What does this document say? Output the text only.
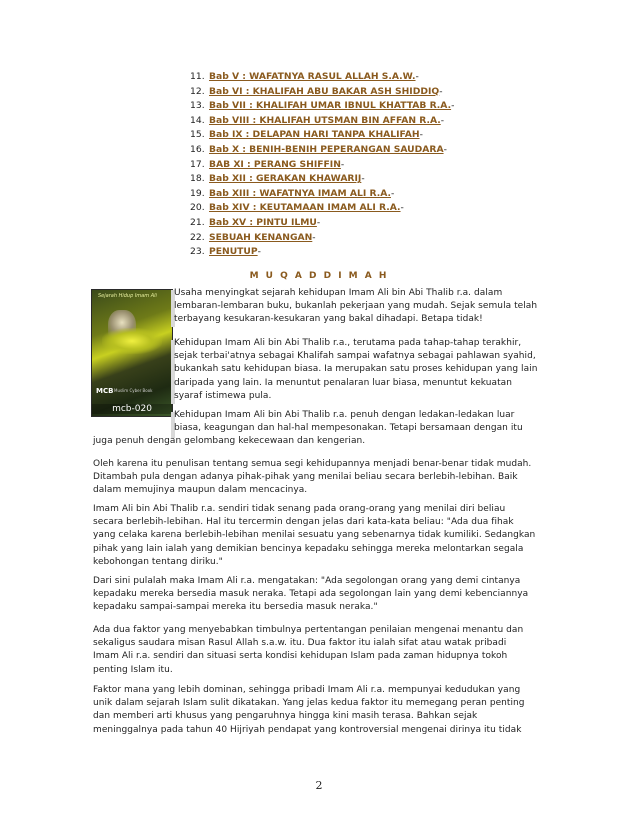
11. Bab V : WAFATNYA RASUL ALLAH S.A.W.-
12. Bab VI : KHALIFAH ABU BAKAR ASH SHIDDIQ-
13. Bab VII : KHALIFAH UMAR IBNUL KHATTAB R.A.-
14. Bab VIII : KHALIFAH UTSMAN BIN AFFAN R.A.-
15. Bab IX : DELAPAN HARI TANPA KHALIFAH-
16. Bab X : BENIH-BENIH PEPERANGAN SAUDARA-
17. BAB XI : PERANG SHIFFIN-
18. Bab XII : GERAKAN KHAWARIJ-
19. Bab XIII : WAFATNYA IMAM ALI R.A.-
20. Bab XIV : KEUTAMAAN IMAM ALI R.A.-
21. Bab XV : PINTU ILMU-
22. SEBUAH KENANGAN-
23. PENUTUP-
M U Q A D D I M A H
Sejarah Hidup Imam Ali
MCB Muslim Cyber Book
mcb-020
Usaha menyingkat sejarah kehidupan Imam Ali bin Abi Thalib r.a. dalam
lembaran-lembaran buku, bukanlah pekerjaan yang mudah. Sejak semula telah
terbayang kesukaran-kesukaran yang bakal dihadapi. Betapa tidak!
Kehidupan Imam Ali bin Abi Thalib r.a., terutama pada tahap-tahap terakhir,
sejak terbai'atnya sebagai Khalifah sampai wafatnya sebagai pahlawan syahid,
bukankah satu kehidupan biasa. Ia merupakan satu proses kehidupan yang lain
daripada yang lain. Ia menuntut penalaran luar biasa, menuntut kekuatan
syaraf istimewa pula.
Kehidupan Imam Ali bin Abi Thalib r.a. penuh dengan ledakan-ledakan luar
biasa, keagungan dan hal-hal mempesonakan. Tetapi bersamaan dengan itu
juga penuh dengan gelombang kekecewaan dan kengerian.
Oleh karena itu penulisan tentang semua segi kehidupannya menjadi benar-benar tidak mudah.
Ditambah pula dengan adanya pihak-pihak yang menilai beliau secara berlebih-lebihan. Baik
dalam memujinya maupun dalam mencacinya.
Imam Ali bin Abi Thalib r.a. sendiri tidak senang pada orang-orang yang menilai diri beliau
secara berlebih-lebihan. Hal itu tercermin dengan jelas dari kata-kata beliau: "Ada dua fihak
yang celaka karena berlebih-lebihan menilai sesuatu yang sebenarnya tidak kumiliki. Sedangkan
pihak yang lain ialah yang demikian bencinya kepadaku sehingga mereka melontarkan segala
kebohongan tentang diriku."
Dari sini pulalah maka Imam Ali r.a. mengatakan: "Ada segolongan orang yang demi cintanya
kepadaku mereka bersedia masuk neraka. Tetapi ada segolongan lain yang demi kebenciannya
kepadaku sampai-sampai mereka itu bersedia masuk neraka."
Ada dua faktor yang menyebabkan timbulnya pertentangan penilaian mengenai menantu dan
sekaligus saudara misan Rasul Allah s.a.w. itu. Dua faktor itu ialah sifat atau watak pribadi
Imam Ali r.a. sendiri dan situasi serta kondisi kehidupan Islam pada zaman hidupnya tokoh
penting Islam itu.
Faktor mana yang lebih dominan, sehingga pribadi Imam Ali r.a. mempunyai kedudukan yang
unik dalam sejarah Islam sulit dikatakan. Yang jelas kedua faktor itu memegang peran penting
dan memberi arti khusus yang pengaruhnya hingga kini masih terasa. Bahkan sejak
meninggalnya pada tahun 40 Hijriyah pendapat yang kontroversial mengenai dirinya itu tidak
2
